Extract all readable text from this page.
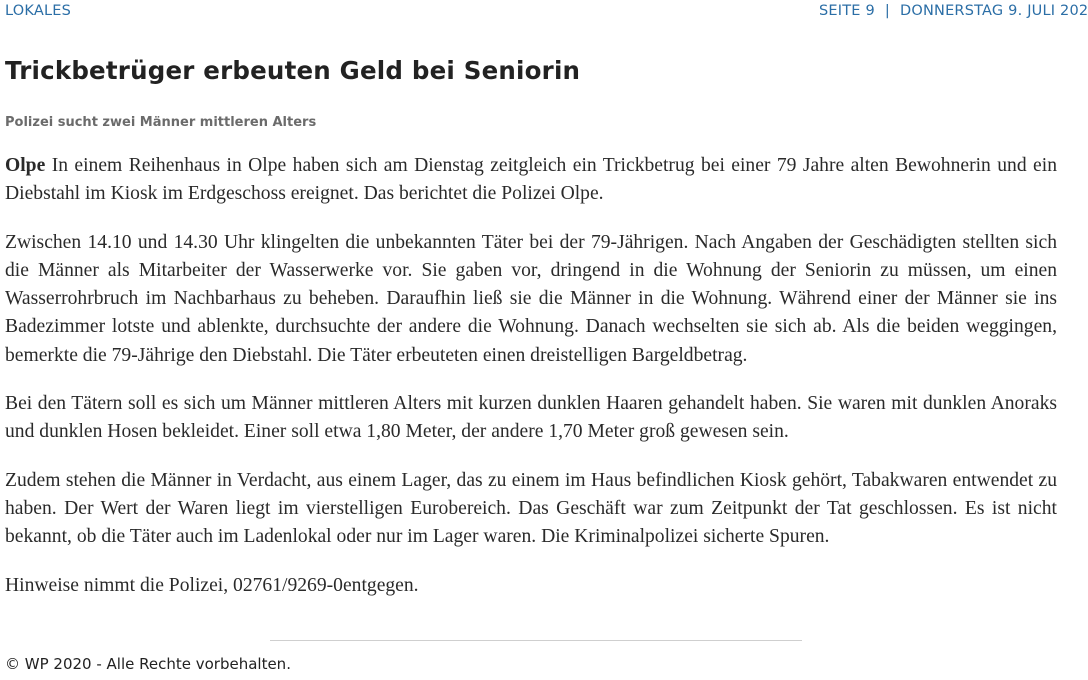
LOKALES	SEITE 9 | DONNERSTAG 9. JULI 202
Trickbetrüger erbeuten Geld bei Seniorin
Polizei sucht zwei Männer mittleren Alters

Olpe In einem Reihenhaus in Olpe haben sich am Dienstag zeitgleich ein Trickbetrug bei einer 79 Jahre alten Bewohnerin und ein Diebstahl im Kiosk im Erdgeschoss ereignet. Das berichtet die Polizei Olpe.

Zwischen 14.10 und 14.30 Uhr klingelten die unbekannten Täter bei der 79-Jährigen. Nach Angaben der Geschädigten stellten sich die Männer als Mitarbeiter der Wasserwerke vor. Sie gaben vor, dringend in die Wohnung der Seniorin zu müssen, um einen Wasserrohrbruch im Nachbarhaus zu beheben. Daraufhin ließ sie die Männer in die Wohnung. Während einer der Männer sie ins Badezimmer lotste und ablenkte, durchsuchte der andere die Wohnung. Danach wechselten sie sich ab. Als die beiden weggingen, bemerkte die 79-Jährige den Diebstahl. Die Täter erbeuteten einen dreistelligen Bargeldbetrag.

Bei den Tätern soll es sich um Männer mittleren Alters mit kurzen dunklen Haaren gehandelt haben. Sie waren mit dunklen Anoraks und dunklen Hosen bekleidet. Einer soll etwa 1,80 Meter, der andere 1,70 Meter groß gewesen sein.

Zudem stehen die Männer in Verdacht, aus einem Lager, das zu einem im Haus befindlichen Kiosk gehört, Tabakwaren entwendet zu haben. Der Wert der Waren liegt im vierstelligen Eurobereich. Das Geschäft war zum Zeitpunkt der Tat geschlossen. Es ist nicht bekannt, ob die Täter auch im Ladenlokal oder nur im Lager waren. Die Kriminalpolizei sicherte Spuren.

Hinweise nimmt die Polizei, 02761/9269-0entgegen.

© WP 2020 - Alle Rechte vorbehalten.
